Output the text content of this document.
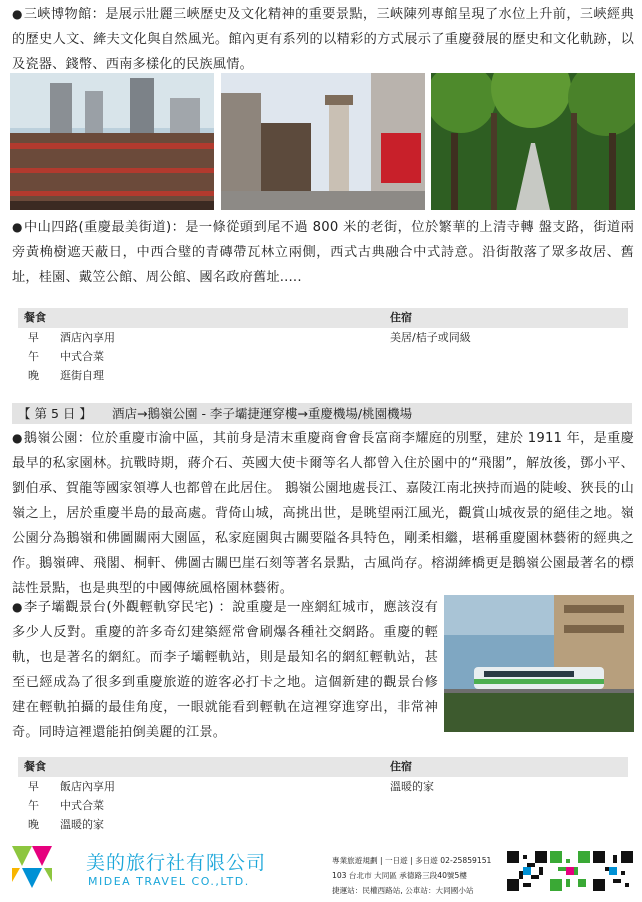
●三峽博物館：是展示壯麗三峽歷史及文化精神的重要景點，三峽陳列專館呈現了水位上升前，三峽經典的歷史人文、縴夫文化與自然風光。館內更有系列的以精彩的方式展示了重慶發展的歷史和文化軌跡，以及瓷器、錢幣、西南多樣化的民族風情。
●中山四路(重慶最美街道)：是一條從頭到尾不過 800 米的老街，位於繁華的上清寺轉 盤支路，街道兩旁黃桷樹遮天蔽日，中西合璧的青磚帶瓦林立兩側，西式古典融合中式詩意。沿街散落了眾多故居、舊址，桂園、戴笠公館、周公館、國名政府舊址.....
餐食	住宿
早 酒店內享用	美居/桔子或同級
午 中式合菜
晚 逛街自理
【 第 5 日 】 酒店→鵝嶺公園 - 李子壩捷運穿樓→重慶機場/桃園機場
●鵝嶺公園：位於重慶市渝中區，其前身是清末重慶商會會長富商李耀庭的別墅，建於 1911 年，是重慶最早的私家園林。抗戰時期，蔣介石、英國大使卡爾等名人都曾入住於園中的“飛閣”，解放後，鄧小平、劉伯承、賀龍等國家領導人也都曾在此居住。 鵝嶺公園地處長江、嘉陵江南北挾持而過的陡峻、狹長的山嶺之上，居於重慶半島的最高處。背倚山城，高挑出世，是眺望兩江風光，觀賞山城夜景的絕佳之地。嶺公園分為鵝嶺和佛圖關兩大園區，私家庭園與古關要隘各具特色，剛柔相繼，堪稱重慶園林藝術的經典之作。鵝嶺碑、飛閣、桐軒、佛圖古關巴崖石刻等著名景點，古風尚存。榕湖縴橋更是鵝嶺公園最著名的標誌性景點，也是典型的中國傳統風格園林藝術。
●李子壩觀景台(外觀輕軌穿民宅) ：說重慶是一座網紅城市，應該沒有多少人反對。重慶的許多奇幻建築經常會刷爆各種社交網路。重慶的輕軌，也是著名的網紅。而李子壩輕軌站，則是最知名的網紅輕軌站，甚至已經成為了很多到重慶旅遊的遊客必打卡之地。這個新建的觀景台修建在輕軌拍攝的最佳角度，一眼就能看到輕軌在這裡穿進穿出，非常神奇。同時這裡還能拍倒美麗的江景。
餐食	住宿
早 飯店內享用	溫暖的家
午 中式合菜
晚 溫暖的家
美的旅行社有限公司
MIDEA TRAVEL CO.,LTD.
專業旅遊規劃 | 一日遊 | 多日遊 02-25859151
103 台北市 大同區 承德路三段40號5樓
捷運站：民權西路站, 公車站：大同國小站
